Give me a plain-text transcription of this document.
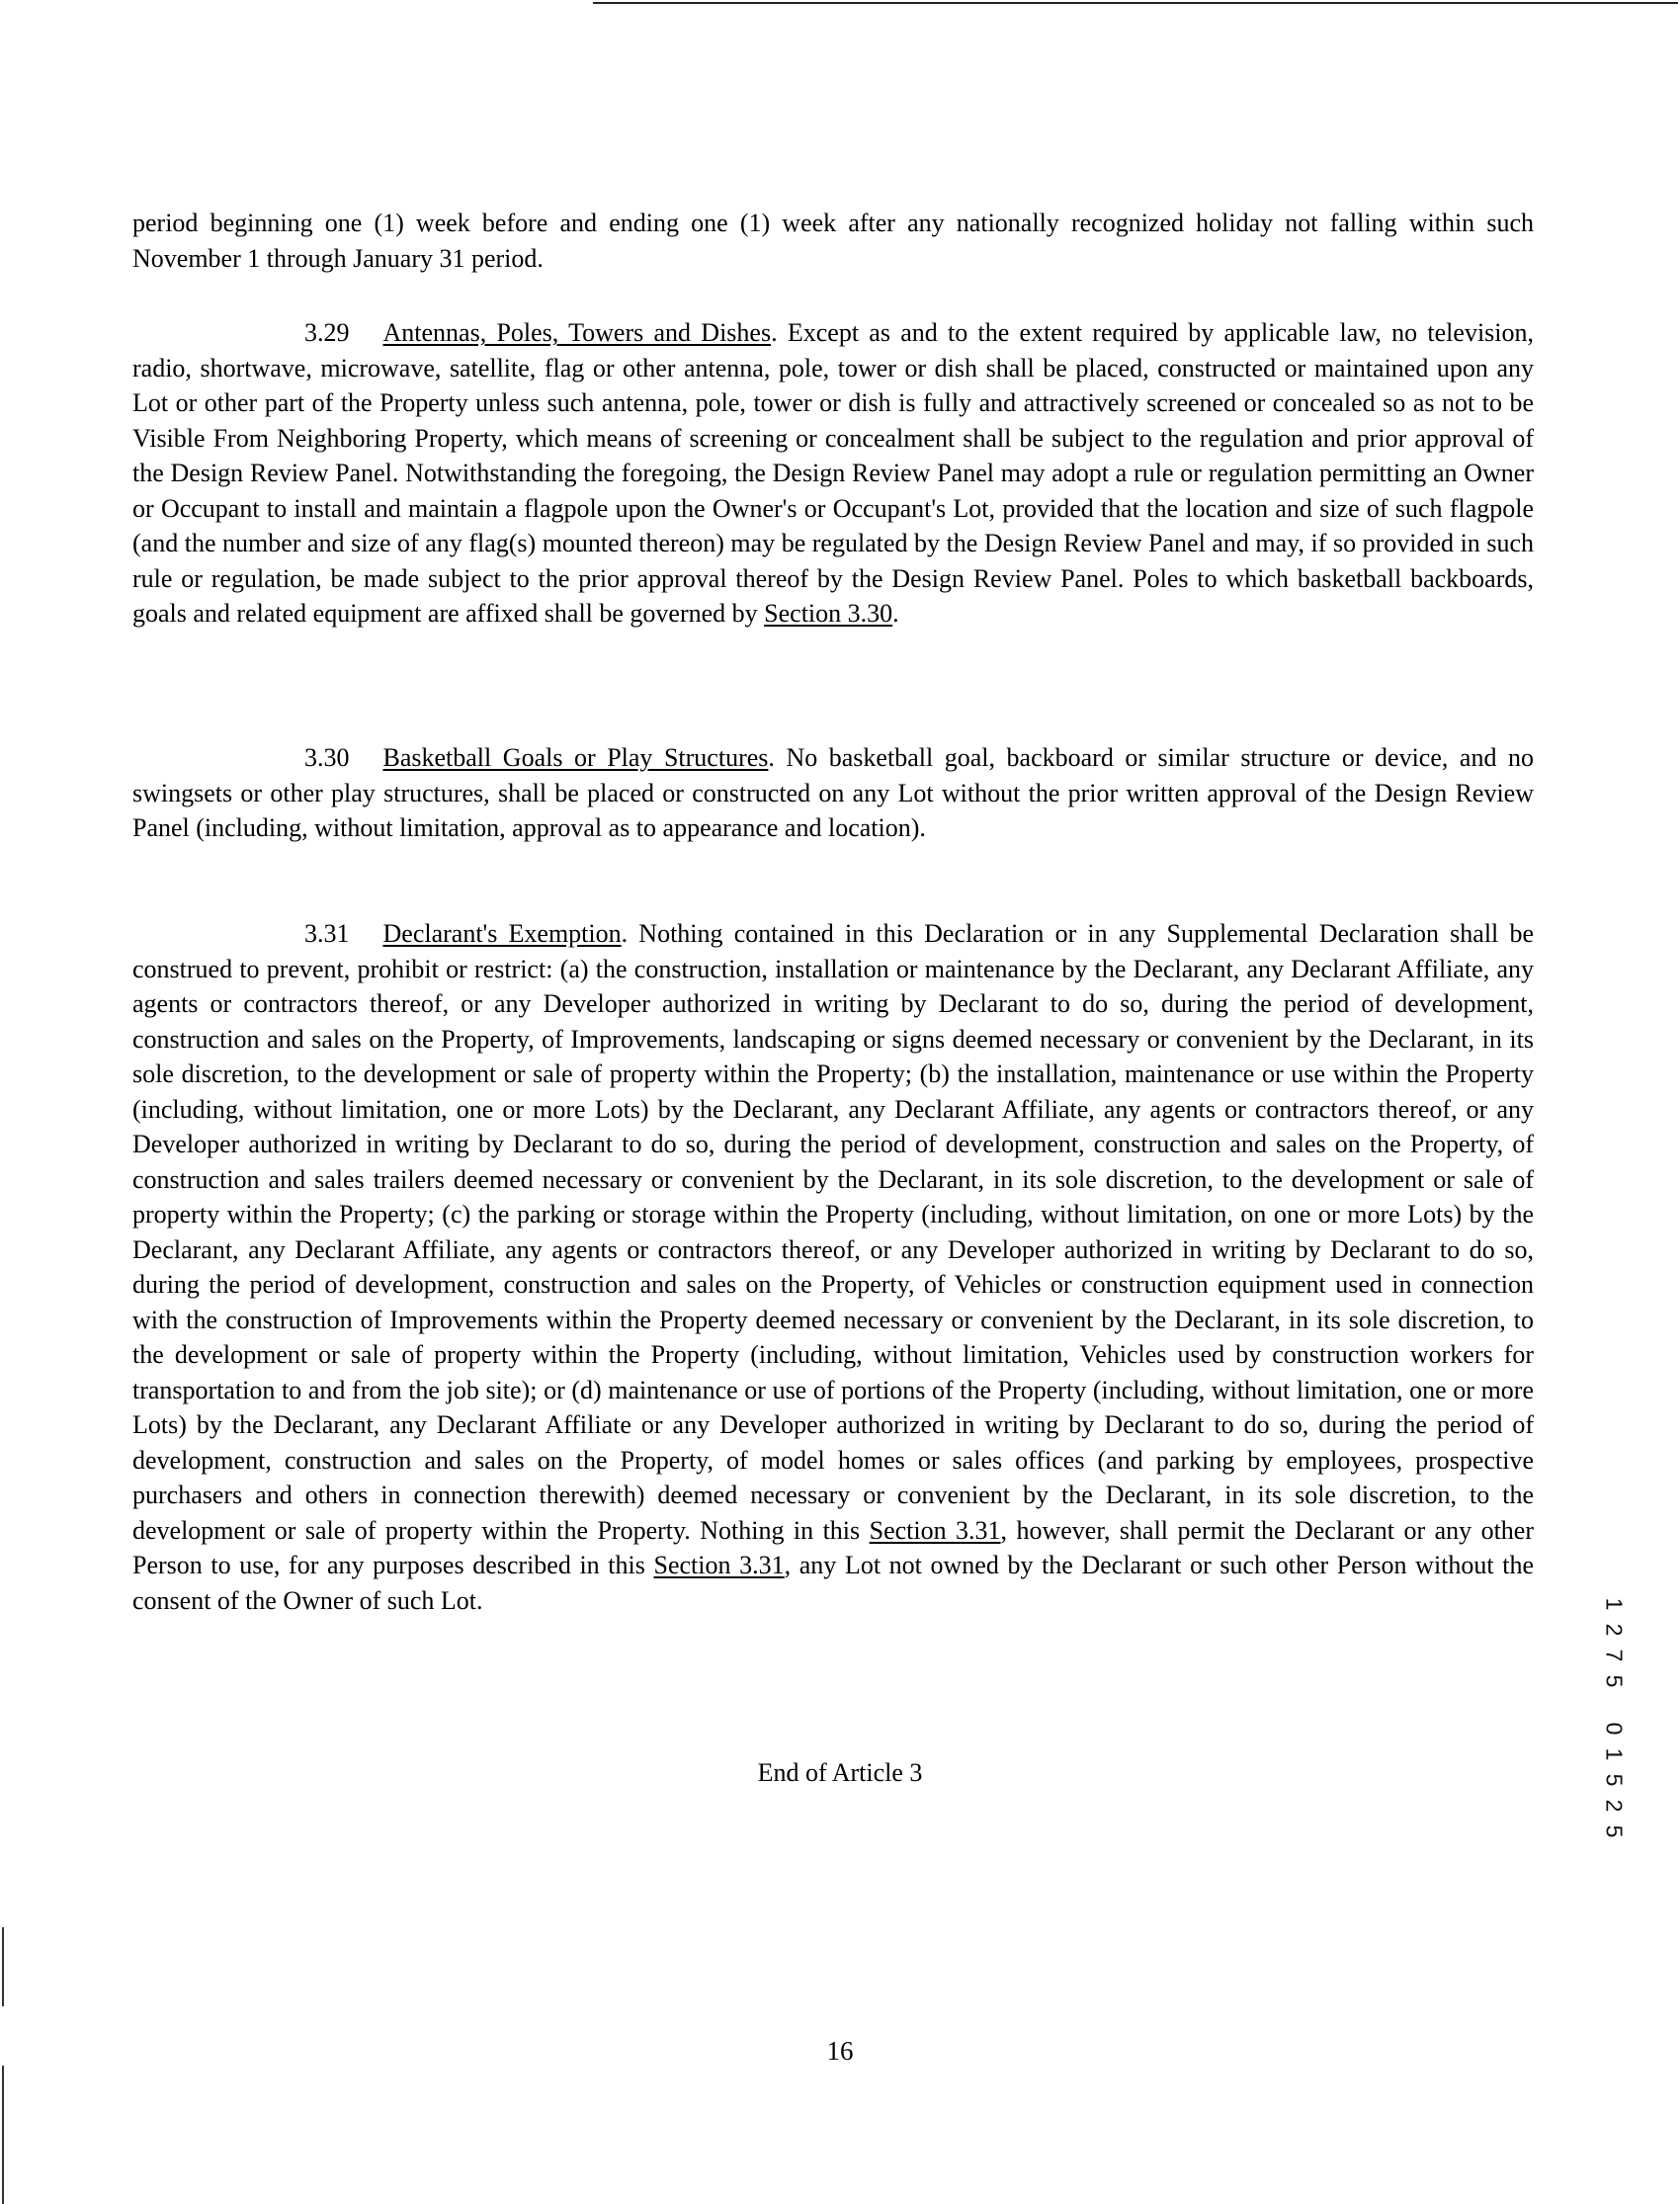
period beginning one (1) week before and ending one (1) week after any nationally recognized holiday not falling within such November 1 through January 31 period.

3.29 Antennas, Poles, Towers and Dishes. Except as and to the extent required by applicable law, no television, radio, shortwave, microwave, satellite, flag or other antenna, pole, tower or dish shall be placed, constructed or maintained upon any Lot or other part of the Property unless such antenna, pole, tower or dish is fully and attractively screened or concealed so as not to be Visible From Neighboring Property, which means of screening or concealment shall be subject to the regulation and prior approval of the Design Review Panel. Notwithstanding the foregoing, the Design Review Panel may adopt a rule or regulation permitting an Owner or Occupant to install and maintain a flagpole upon the Owner's or Occupant's Lot, provided that the location and size of such flagpole (and the number and size of any flag(s) mounted thereon) may be regulated by the Design Review Panel and may, if so provided in such rule or regulation, be made subject to the prior approval thereof by the Design Review Panel. Poles to which basketball backboards, goals and related equipment are affixed shall be governed by Section 3.30.

3.30 Basketball Goals or Play Structures. No basketball goal, backboard or similar structure or device, and no swingsets or other play structures, shall be placed or constructed on any Lot without the prior written approval of the Design Review Panel (including, without limitation, approval as to appearance and location).

3.31 Declarant's Exemption. Nothing contained in this Declaration or in any Supplemental Declaration shall be construed to prevent, prohibit or restrict: (a) the construction, installation or maintenance by the Declarant, any Declarant Affiliate, any agents or contractors thereof, or any Developer authorized in writing by Declarant to do so, during the period of development, construction and sales on the Property, of Improvements, landscaping or signs deemed necessary or convenient by the Declarant, in its sole discretion, to the development or sale of property within the Property; (b) the installation, maintenance or use within the Property (including, without limitation, one or more Lots) by the Declarant, any Declarant Affiliate, any agents or contractors thereof, or any Developer authorized in writing by Declarant to do so, during the period of development, construction and sales on the Property, of construction and sales trailers deemed necessary or convenient by the Declarant, in its sole discretion, to the development or sale of property within the Property; (c) the parking or storage within the Property (including, without limitation, on one or more Lots) by the Declarant, any Declarant Affiliate, any agents or contractors thereof, or any Developer authorized in writing by Declarant to do so, during the period of development, construction and sales on the Property, of Vehicles or construction equipment used in connection with the construction of Improvements within the Property deemed necessary or convenient by the Declarant, in its sole discretion, to the development or sale of property within the Property (including, without limitation, Vehicles used by construction workers for transportation to and from the job site); or (d) maintenance or use of portions of the Property (including, without limitation, one or more Lots) by the Declarant, any Declarant Affiliate or any Developer authorized in writing by Declarant to do so, during the period of development, construction and sales on the Property, of model homes or sales offices (and parking by employees, prospective purchasers and others in connection therewith) deemed necessary or convenient by the Declarant, in its sole discretion, to the development or sale of property within the Property. Nothing in this Section 3.31, however, shall permit the Declarant or any other Person to use, for any purposes described in this Section 3.31, any Lot not owned by the Declarant or such other Person without the consent of the Owner of such Lot.

End of Article 3
16
1
2
7
5
0
1
5
2
5
